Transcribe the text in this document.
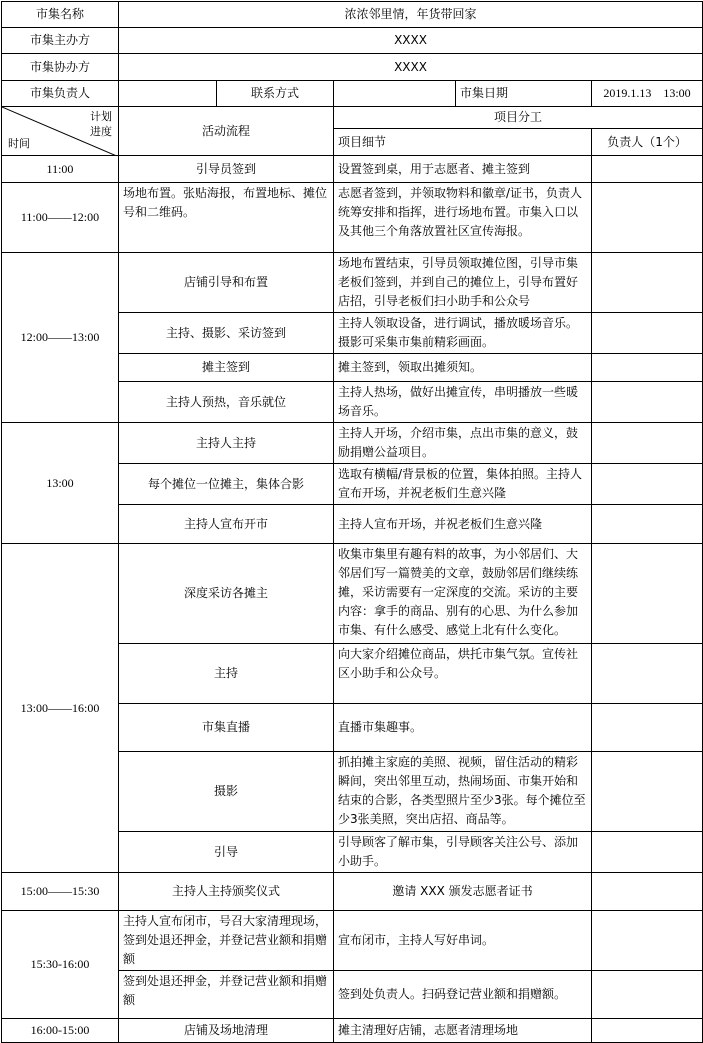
市集名称	浓浓邻里情，年货带回家				
市集主办方	XXXX				
市集协办方	XXXX				
市集负责人		联系方式		市集日期	2019.1.13　13:00

计划
进度
时间	活动流程		项目分工		
			项目细节		负责人（1个）
11:00	引导员签到		设置签到桌，用于志愿者、摊主签到		
11:00——12:00	场地布置。张贴海报，布置地标、摊位号和二维码。		志愿者签到，并领取物料和徽章/证书，负责人统筹安排和指挥，进行场地布置。市集入口以及其他三个角落放置社区宣传海报。		
12:00——13:00	店铺引导和布置		场地布置结束，引导员领取摊位图，引导市集老板们签到，并到自己的摊位上，引导布置好店招，引导老板们扫小助手和公众号		
	主持、摄影、采访签到		主持人领取设备，进行调试，播放暖场音乐。摄影可采集市集前精彩画面。		
	摊主签到		摊主签到，领取出摊须知。		
	主持人预热，音乐就位		主持人热场，做好出摊宣传，串明播放一些暖场音乐。		
13:00	主持人主持		主持人开场，介绍市集，点出市集的意义，鼓励捐赠公益项目。		
	每个摊位一位摊主，集体合影		选取有横幅/背景板的位置，集体拍照。主持人宣布开场，并祝老板们生意兴隆		
	主持人宣布开市		主持人宣布开场，并祝老板们生意兴隆		
13:00——16:00	深度采访各摊主		收集市集里有趣有料的故事，为小邻居们、大邻居们写一篇赞美的文章，鼓励邻居们继续练摊，采访需要有一定深度的交流。采访的主要内容：拿手的商品、别有的心思、为什么参加市集、有什么感受、感觉上北有什么变化。		
	主持		向大家介绍摊位商品，烘托市集气氛。宣传社区小助手和公众号。		
	市集直播		直播市集趣事。		
	摄影		抓拍摊主家庭的美照、视频，留住活动的精彩瞬间，突出邻里互动，热闹场面、市集开始和结束的合影，各类型照片至少3张。每个摊位至少3张美照，突出店招、商品等。		
	引导		引导顾客了解市集，引导顾客关注公号、添加小助手。		
15:00——15:30	主持人主持颁奖仪式		邀请 XXX 颁发志愿者证书		
15:30-16:00	主持人宣布闭市，号召大家清理现场，签到处退还押金，并登记营业额和捐赠额		宣布闭市，主持人写好串词。		
	签到处退还押金，并登记营业额和捐赠额		签到处负责人。扫码登记营业额和捐赠额。		
16:00-15:00	店铺及场地清理		摊主清理好店铺，志愿者清理场地		
